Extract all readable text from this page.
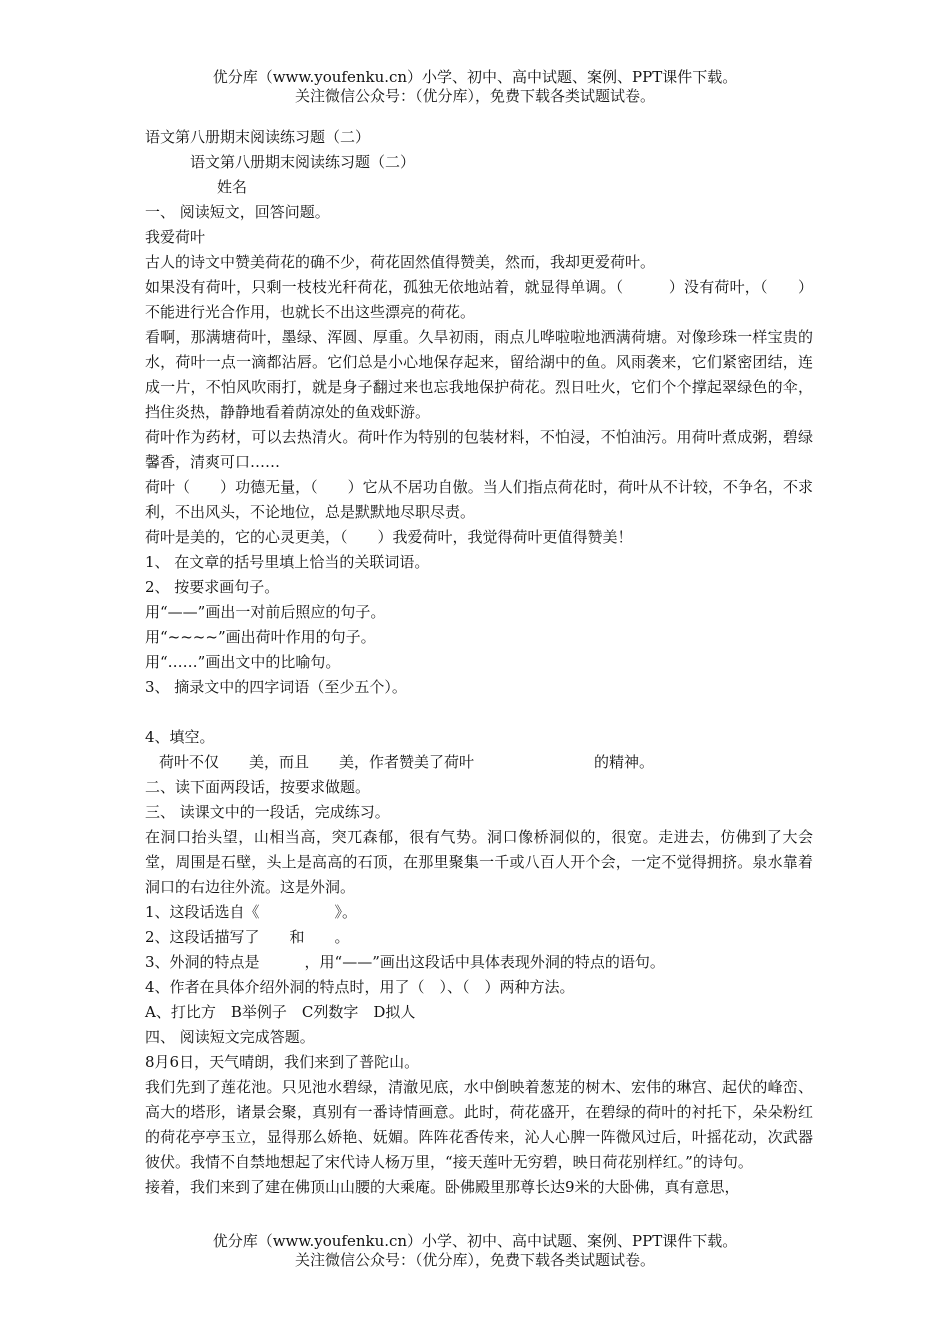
优分库（www.youfenku.cn）小学、初中、高中试题、案例、PPT课件下载。
关注微信公众号：（优分库），免费下载各类试题试卷。

语文第八册期末阅读练习题（二）

语文第八册期末阅读练习题（二）

姓名

一、 阅读短文，回答问题。

我爱荷叶

古人的诗文中赞美荷花的确不少，荷花固然值得赞美，然而，我却更爱荷叶。

如果没有荷叶，只剩一枝枝光秆荷花，孤独无依地站着，就显得单调。（　　　）没有荷叶，（　　）不能进行光合作用，也就长不出这些漂亮的荷花。

看啊，那满塘荷叶，墨绿、浑圆、厚重。久旱初雨，雨点儿哗啦啦地洒满荷塘。对像珍珠一样宝贵的水，荷叶一点一滴都沾唇。它们总是小心地保存起来，留给湖中的鱼。风雨袭来，它们紧密团结，连成一片，不怕风吹雨打，就是身子翻过来也忘我地保护荷花。烈日吐火，它们个个撑起翠绿色的伞，挡住炎热，静静地看着荫凉处的鱼戏虾游。

荷叶作为药材，可以去热清火。荷叶作为特别的包装材料，不怕浸，不怕油污。用荷叶煮成粥，碧绿馨香，清爽可口……

荷叶（　　）功德无量，（　　）它从不居功自傲。当人们指点荷花时，荷叶从不计较，不争名，不求利，不出风头，不论地位，总是默默地尽职尽责。

荷叶是美的，它的心灵更美，（　　）我爱荷叶，我觉得荷叶更值得赞美！

1、 在文章的括号里填上恰当的关联词语。

2、 按要求画句子。

用“——”画出一对前后照应的句子。

用“~~~~”画出荷叶作用的句子。

用“……”画出文中的比喻句。

3、 摘录文中的四字词语（至少五个）。

4、填空。

荷叶不仅　　美，而且　　美，作者赞美了荷叶　　　　　　　　的精神。

二、读下面两段话，按要求做题。

三、 读课文中的一段话，完成练习。

在洞口抬头望，山相当高，突兀森郁，很有气势。洞口像桥洞似的，很宽。走进去，仿佛到了大会堂，周围是石壁，头上是高高的石顶，在那里聚集一千或八百人开个会，一定不觉得拥挤。泉水靠着洞口的右边往外流。这是外洞。

1、这段话选自《　　　　　》。

2、这段话描写了　　和　　。

3、外洞的特点是　　　，用“——”画出这段话中具体表现外洞的特点的语句。

4、作者在具体介绍外洞的特点时，用了（　）、（　）两种方法。

A、打比方　B举例子　C列数字　D拟人

四、 阅读短文完成答题。

8月6日，天气晴朗，我们来到了普陀山。

我们先到了莲花池。只见池水碧绿，清澈见底，水中倒映着葱茏的树木、宏伟的琳宫、起伏的峰峦、高大的塔形，诸景会聚，真别有一番诗情画意。此时，荷花盛开，在碧绿的荷叶的衬托下，朵朵粉红的荷花亭亭玉立，显得那么娇艳、妩媚。阵阵花香传来，沁人心脾一阵微风过后，叶摇花动，次武器彼伏。我情不自禁地想起了宋代诗人杨万里，“接天莲叶无穷碧，映日荷花别样红。”的诗句。

接着，我们来到了建在佛顶山山腰的大乘庵。卧佛殿里那尊长达9米的大卧佛，真有意思，

优分库（www.youfenku.cn）小学、初中、高中试题、案例、PPT课件下载。
关注微信公众号：（优分库），免费下载各类试题试卷。
